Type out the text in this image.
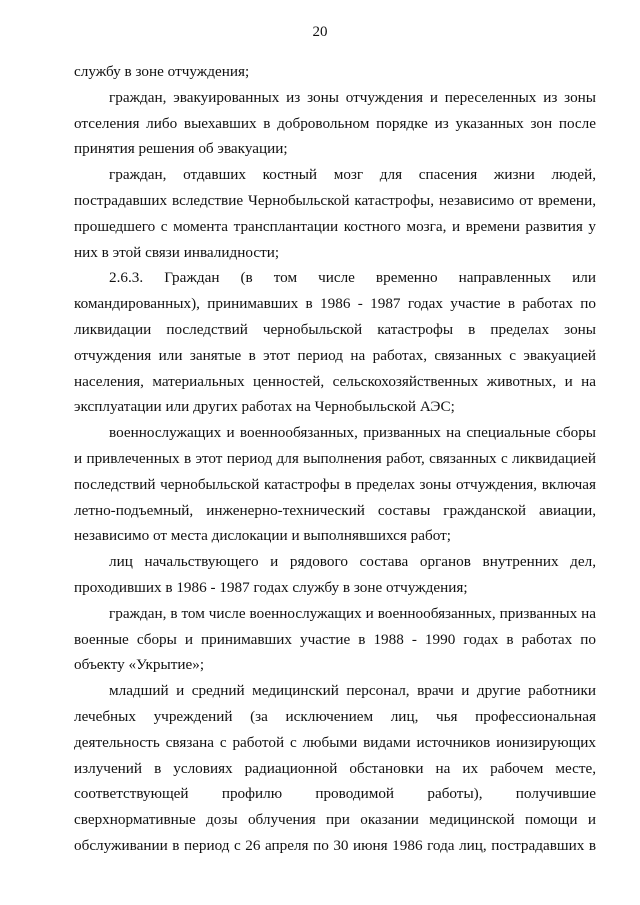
20

службу в зоне отчуждения;

граждан, эвакуированных из зоны отчуждения и переселенных из зоны отселения либо выехавших в добровольном порядке из указанных зон после принятия решения об эвакуации;

граждан, отдавших костный мозг для спасения жизни людей, пострадавших вследствие Чернобыльской катастрофы, независимо от времени, прошедшего с момента трансплантации костного мозга, и времени развития у них в этой связи инвалидности;

2.6.3. Граждан (в том числе временно направленных или командированных), принимавших в 1986 - 1987 годах участие в работах по ликвидации последствий чернобыльской катастрофы в пределах зоны отчуждения или занятые в этот период на работах, связанных с эвакуацией населения, материальных ценностей, сельскохозяйственных животных, и на эксплуатации или других работах на Чернобыльской АЭС;

военнослужащих и военнообязанных, призванных на специальные сборы и привлеченных в этот период для выполнения работ, связанных с ликвидацией последствий чернобыльской катастрофы в пределах зоны отчуждения, включая летно-подъемный, инженерно-технический составы гражданской авиации, независимо от места дислокации и выполнявшихся работ;

лиц начальствующего и рядового состава органов внутренних дел, проходивших в 1986 - 1987 годах службу в зоне отчуждения;

граждан, в том числе военнослужащих и военнообязанных, призванных на военные сборы и принимавших участие в 1988 - 1990 годах в работах по объекту «Укрытие»;

младший и средний медицинский персонал, врачи и другие работники лечебных учреждений (за исключением лиц, чья профессиональная деятельность связана с работой с любыми видами источников ионизирующих излучений в условиях радиационной обстановки на их рабочем месте, соответствующей профилю проводимой работы), получившие сверхнормативные дозы облучения при оказании медицинской помощи и обслуживании в период с 26 апреля по 30 июня 1986 года лиц, пострадавших в
